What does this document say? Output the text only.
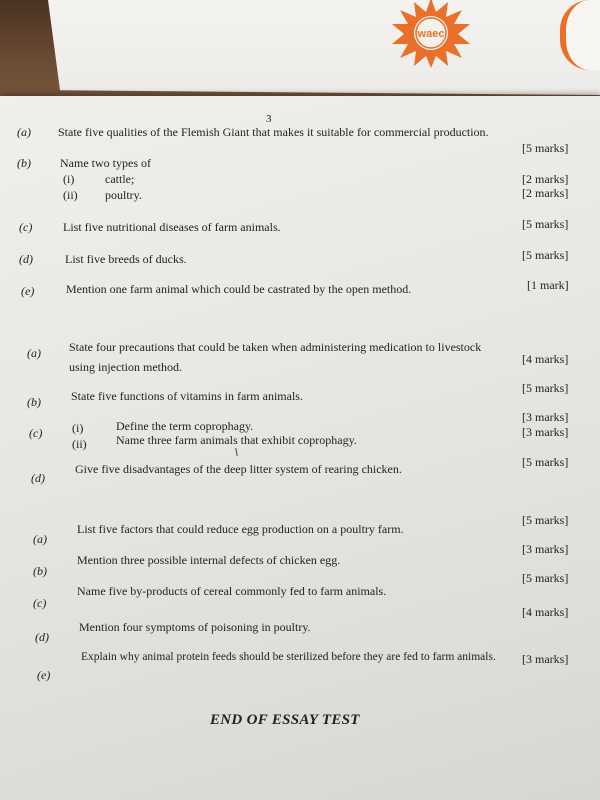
waec
3
(a) State five qualities of the Flemish Giant that makes it suitable for commercial production.
[5 marks]
(b) Name two types of
(i)	cattle;	[2 marks]
(ii) poultry.	[2 marks]
(c)	List five nutritional diseases of farm animals.	[5 marks]
(d)	List five breeds of ducks.	[5 marks]
(e)	Mention one farm animal which could be castrated by the open method.	[1 mark]
(a) State four precautions that could be taken when administering medication to livestock
using injection method.
[4 marks]
(b)	State five functions of vitamins in farm animals.
[5 marks]
(c) (i)	Define the term coprophagy.
[3 marks]
(ii) Name three farm animals that exhibit coprophagy.
[3 marks]
(d)
Give five disadvantages of the deep litter system of rearing chicken.	[5 marks]
(a)
List five factors that could reduce egg production on a poultry farm.
[5 marks]
(b)
Mention three possible internal defects of chicken egg.
[3 marks]
(c)
Name five by-products of cereal commonly fed to farm animals.
[5 marks]
(d)
Mention four symptoms of poisoning in poultry.
[4 marks]
(e)
Explain why animal protein feeds should be sterilized before they are fed to farm animals. [3 marks]
END OF ESSAY TEST
